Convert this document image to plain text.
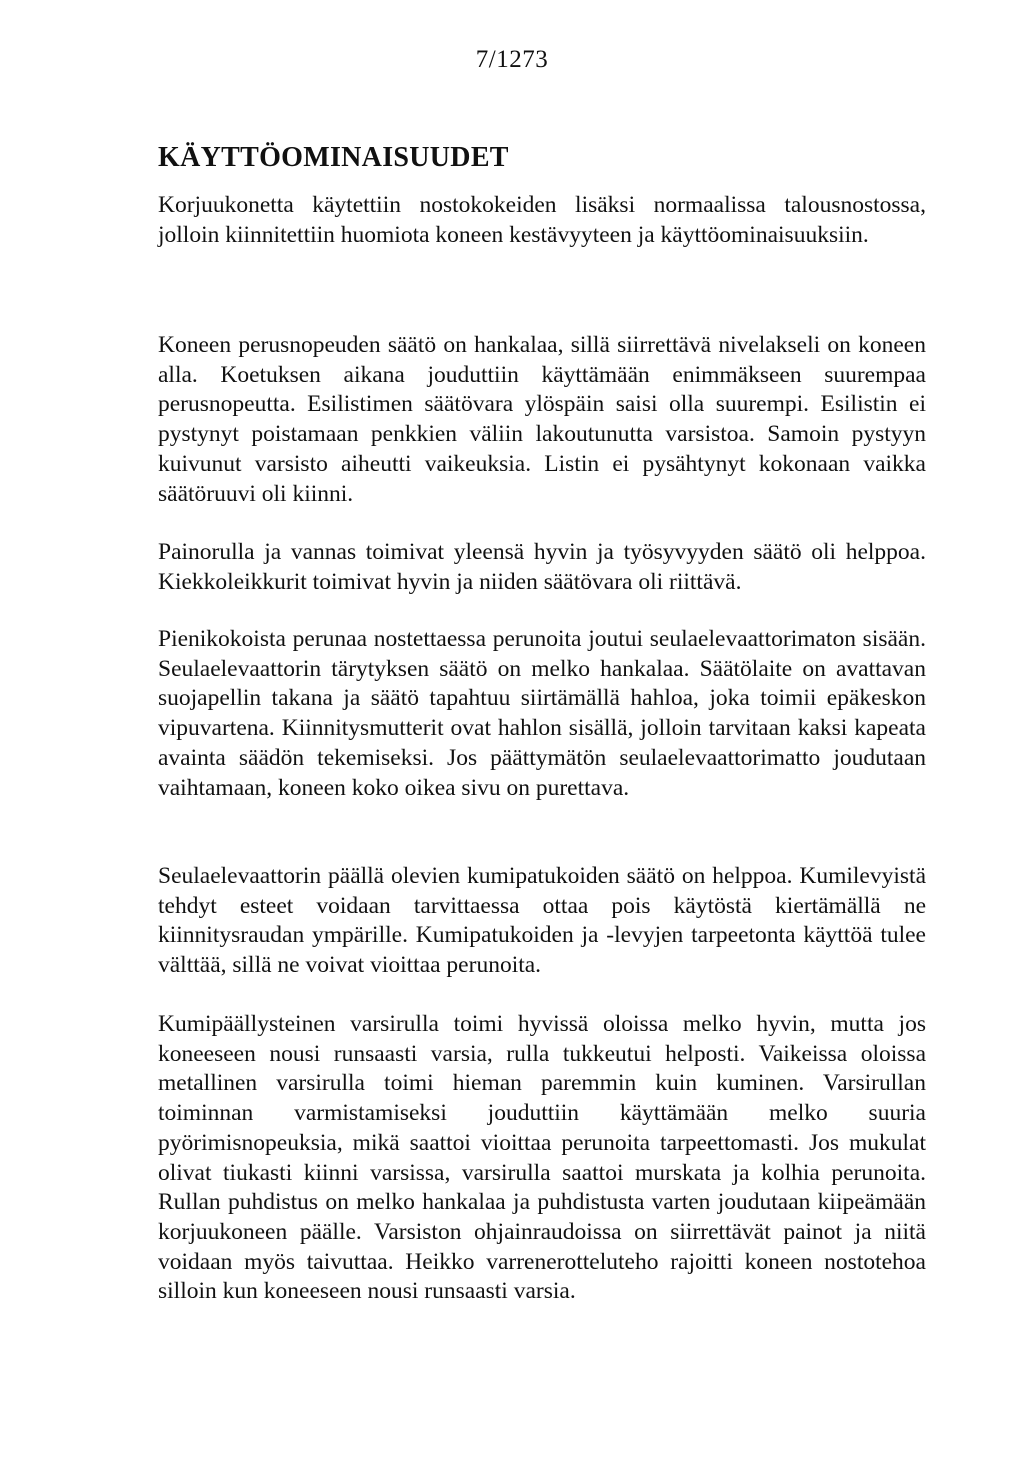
7/1273
KÄYTTÖOMINAISUUDET

Korjuukonetta käytettiin nostokokeiden lisäksi normaalissa talousnostossa, jolloin kiinnitettiin huomiota koneen kestävyyteen ja käyttöominaisuuksiin.

Koneen perusnopeuden säätö on hankalaa, sillä siirrettävä nivelakseli on koneen alla. Koetuksen aikana jouduttiin käyttämään enimmäkseen suurempaa perusnopeutta. Esilistimen säätövara ylöspäin saisi olla suurempi. Esilistin ei pystynyt poistamaan penkkien väliin lakoutunutta varsistoa. Samoin pystyyn kuivunut varsisto aiheutti vaikeuksia. Listin ei pysähtynyt kokonaan vaikka säätöruuvi oli kiinni.

Painorulla ja vannas toimivat yleensä hyvin ja työsyvyyden säätö oli helppoa. Kiekkoleikkurit toimivat hyvin ja niiden säätövara oli riittävä.

Pienikokoista perunaa nostettaessa perunoita joutui seulaelevaattorimaton sisään. Seulaelevaattorin tärytyksen säätö on melko hankalaa. Säätölaite on avattavan suojapellin takana ja säätö tapahtuu siirtämällä hahloa, joka toimii epäkeskon vipuvartena. Kiinnitysmutterit ovat hahlon sisällä, jolloin tarvitaan kaksi kapeata avainta säädön tekemiseksi. Jos päättymätön seulaelevaattorimatto joudutaan vaihtamaan, koneen koko oikea sivu on purettava.

Seulaelevaattorin päällä olevien kumipatukoiden säätö on helppoa. Kumilevyistä tehdyt esteet voidaan tarvittaessa ottaa pois käytöstä kiertämällä ne kiinnitysraudan ympärille. Kumipatukoiden ja -levyjen tarpeetonta käyttöä tulee välttää, sillä ne voivat vioittaa perunoita.

Kumipäällysteinen varsirulla toimi hyvissä oloissa melko hyvin, mutta jos koneeseen nousi runsaasti varsia, rulla tukkeutui helposti. Vaikeissa oloissa metallinen varsirulla toimi hieman paremmin kuin kuminen. Varsirullan toiminnan varmistamiseksi jouduttiin käyttämään melko suuria pyörimisnopeuksia, mikä saattoi vioittaa perunoita tarpeettomasti. Jos mukulat olivat tiukasti kiinni varsissa, varsirulla saattoi murskata ja kolhia perunoita. Rullan puhdistus on melko hankalaa ja puhdistusta varten joudutaan kiipeämään korjuukoneen päälle. Varsiston ohjainraudoissa on siirrettävät painot ja niitä voidaan myös taivuttaa. Heikko varrenerotteluteho rajoitti koneen nostotehoa silloin kun koneeseen nousi runsaasti varsia.
